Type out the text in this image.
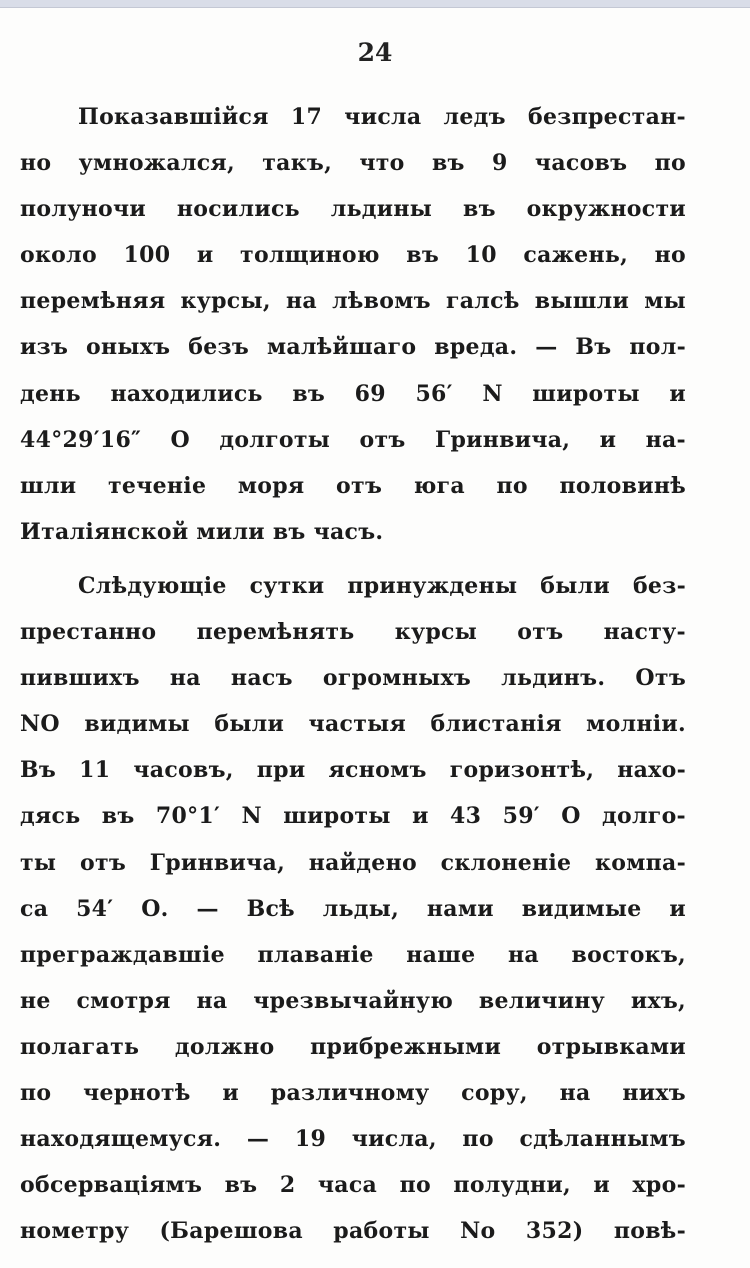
24
Показавшійся 17 числа ледъ безпрестан-
но умножался, такъ, что въ 9 часовъ по
полуночи носились льдины въ окружности
около 100 и толщиною въ 10 сажень, но
перемѣняя курсы, на лѣвомъ галсѣ вышли мы
изъ оныхъ безъ малѣйшаго вреда. — Въ пол-
день находились въ 69 56′ N широты и
44°29′16″ О долготы отъ Гринвича, и на-
шли теченіе моря отъ юга по половинѣ
Италіянской мили въ часъ.
Слѣдующіе сутки принуждены были без-
престанно перемѣнять курсы отъ насту-
пившихъ на насъ огромныхъ льдинъ. Отъ
NO видимы были частыя блистанія молніи.
Въ 11 часовъ, при ясномъ горизонтѣ, нахо-
дясь въ 70°1′ N широты и 43 59′ О долго-
ты отъ Гринвича, найдено склоненіе компа-
са 54′ О. — Всѣ льды, нами видимые и
преграждавшіе плаваніе наше на востокъ,
не смотря на чрезвычайную величину ихъ,
полагать должно прибрежными отрывками
по чернотѣ и различному сору, на нихъ
находящемуся. — 19 числа, по сдѣланнымъ
обсерваціямъ въ 2 часа по полудни, и хро-
нометру (Барешова работы No 352) повѣ-
